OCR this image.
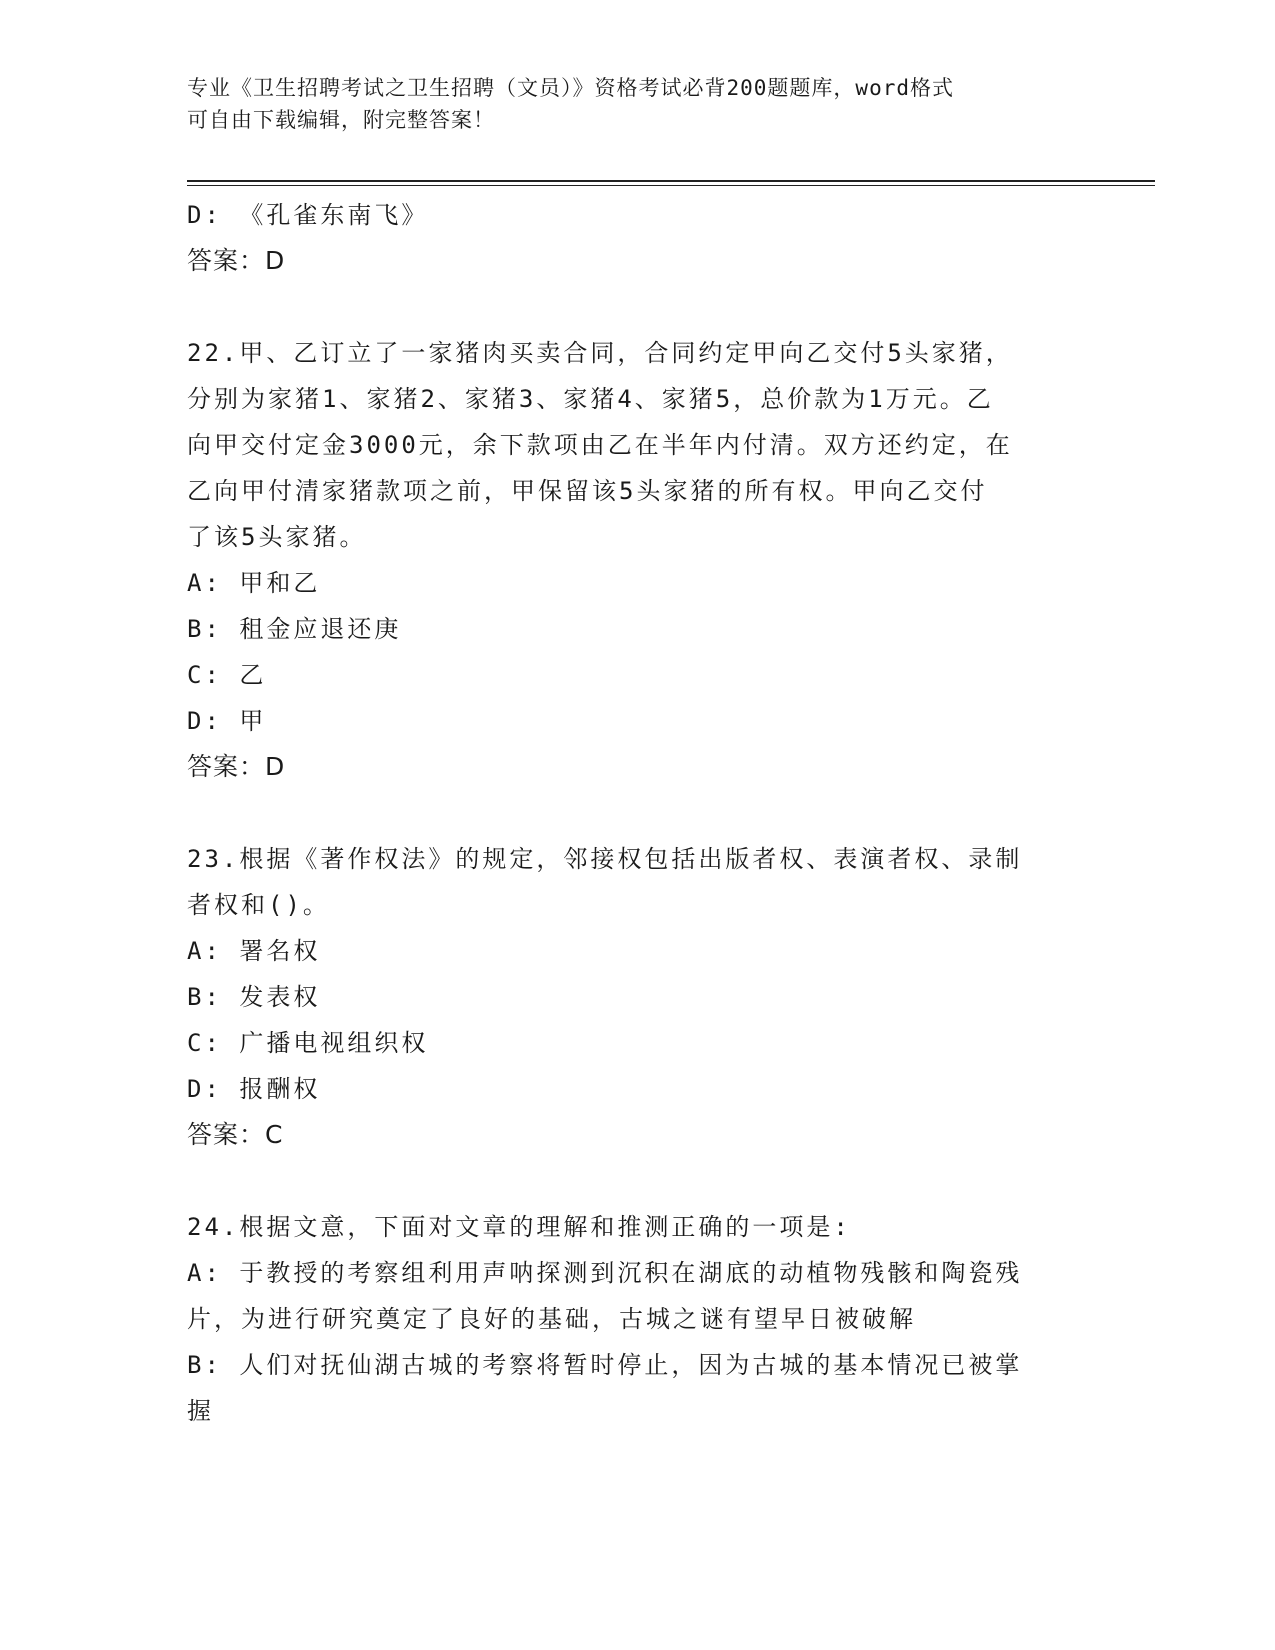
专业《卫生招聘考试之卫生招聘（文员）》资格考试必背200题题库，word格式
可自由下载编辑，附完整答案！
D: 《孔雀东南飞》
答案：D
22.甲、乙订立了一家猪肉买卖合同，合同约定甲向乙交付5头家猪，
分别为家猪1、家猪2、家猪3、家猪4、家猪5，总价款为1万元。乙
向甲交付定金3000元，余下款项由乙在半年内付清。双方还约定，在
乙向甲付清家猪款项之前，甲保留该5头家猪的所有权。甲向乙交付
了该5头家猪。
A: 甲和乙
B: 租金应退还庚
C: 乙
D: 甲
答案：D
23.根据《著作权法》的规定，邻接权包括出版者权、表演者权、录制
者权和()。
A: 署名权
B: 发表权
C: 广播电视组织权
D: 报酬权
答案：C
24.根据文意，下面对文章的理解和推测正确的一项是:
A: 于教授的考察组利用声呐探测到沉积在湖底的动植物残骸和陶瓷残
片，为进行研究奠定了良好的基础，古城之谜有望早日被破解
B: 人们对抚仙湖古城的考察将暂时停止，因为古城的基本情况已被掌
握
